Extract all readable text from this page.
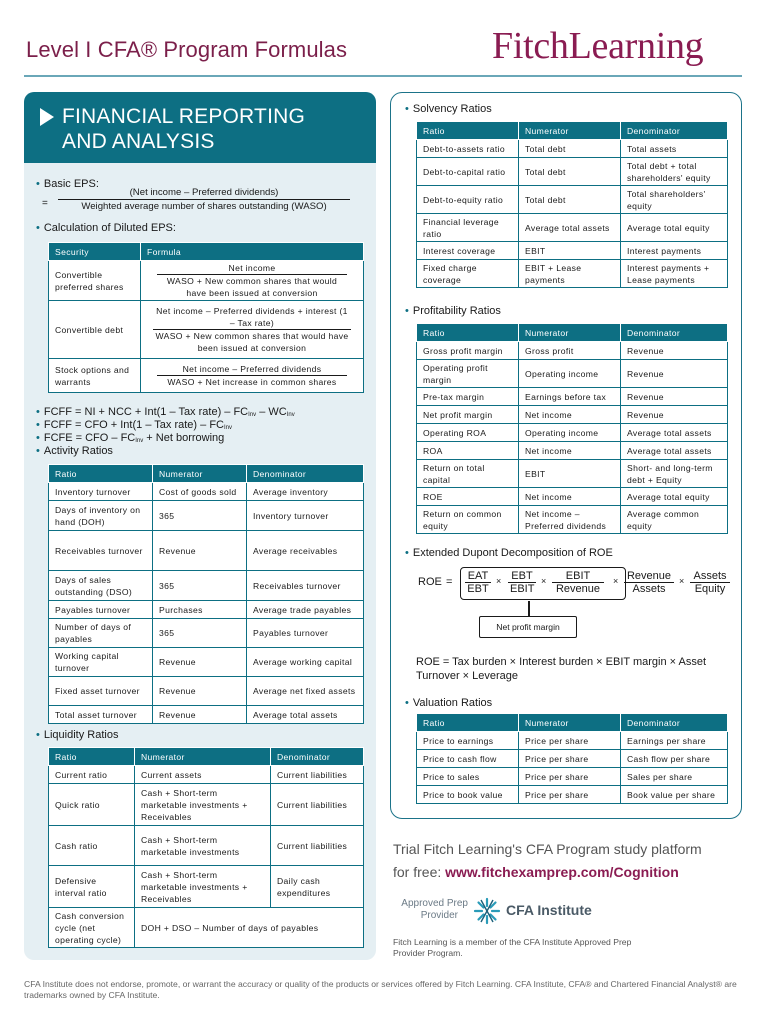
Level I CFA® Program Formulas	FitchLearning
FINANCIAL REPORTING
AND ANALYSIS
• Basic EPS:
=
(Net income – Preferred dividends)
Weighted average number of shares outstanding (WASO)
• Calculation of Diluted EPS:
Security	Formula
Convertible preferred shares	Net income
WASO + New common shares that would have been issued at conversion

Convertible debt	Net income – Preferred dividends + interest (1 – Tax rate)
WASO + New common shares that would have been issued at conversion

Stock options and warrants	$\frac{\text{Net income – Preferred dividends}}{\text{WASO + Net increase in common shares}}$
• FCFF = NI + NCC + Int(1 – Tax rate) – FCInv – WCInv
• FCFF = CFO + Int(1 – Tax rate) – FCInv
• FCFE = CFO – FCInv + Net borrowing
• Activity Ratios
Ratio	Numerator	Denominator
Inventory turnover	Cost of goods sold	Average inventory
Days of inventory on hand (DOH)	365	Inventory turnover
Receivables turnover	Revenue	Average receivables
Days of sales outstanding (DSO)	365	Receivables turnover
Payables turnover	Purchases	Average trade payables
Number of days of payables	365	Payables turnover
Working capital turnover	Revenue	Average working capital
Fixed asset turnover	Revenue	Average net fixed assets
Total asset turnover	Revenue	Average total assets
• Liquidity Ratios
Ratio	Numerator	Denominator
Current ratio	Current assets	Current liabilities
Quick ratio	Cash + Short-term marketable investments + Receivables	Current liabilities
Cash ratio	Cash + Short-term marketable investments	Current liabilities
Defensive interval ratio	Cash + Short-term marketable investments + Receivables	Daily cash expenditures
Cash conversion cycle (net operating cycle)	DOH + DSO – Number of days of payables	
• Solvency Ratios
Ratio	Numerator	Denominator
Debt-to-assets ratio	Total debt	Total assets
Debt-to-capital ratio	Total debt	Total debt + total shareholders' equity
Debt-to-equity ratio	Total debt	Total shareholders' equity
Financial leverage ratio	Average total assets	Average total equity
Interest coverage	EBIT	Interest payments
Fixed charge coverage	EBIT + Lease payments	Interest payments + Lease payments
• Profitability Ratios
Ratio	Numerator	Denominator
Gross profit margin	Gross profit	Revenue
Operating profit margin	Operating income	Revenue
Pre-tax margin	Earnings before tax	Revenue
Net profit margin	Net income	Revenue
Operating ROA	Operating income	Average total assets
ROA	Net income	Average total assets
Return on total capital	EBIT	Short- and long-term debt + Equity
ROE	Net income	Average total equity
Return on common equity	Net income – Preferred dividends	Average common equity
• Extended Dupont Decomposition of ROE
ROE = EAT
EBT
× EBT
EBIT
×	EBIT
Revenue
× Revenue
Assets
× Assets
Equity
Net profit margin
ROE = Tax burden × Interest burden × EBIT margin × Asset Turnover × Leverage
• Valuation Ratios
Ratio	Numerator	Denominator
Price to earnings	Price per share	Earnings per share
Price to cash flow	Price per share	Cash flow per share
Price to sales	Price per share	Sales per share
Price to book value	Price per share	Book value per share
Trial Fitch Learning's CFA Program study platform
for free: www.fitchexamprep.com/Cognition
Approved Prep
Provider	CFA Institute
Fitch Learning is a member of the CFA Institute Approved Prep Provider Program.
CFA Institute does not endorse, promote, or warrant the accuracy or quality of the products or services offered by Fitch Learning. CFA Institute, CFA® and Chartered Financial Analyst® are trademarks owned by CFA Institute.
